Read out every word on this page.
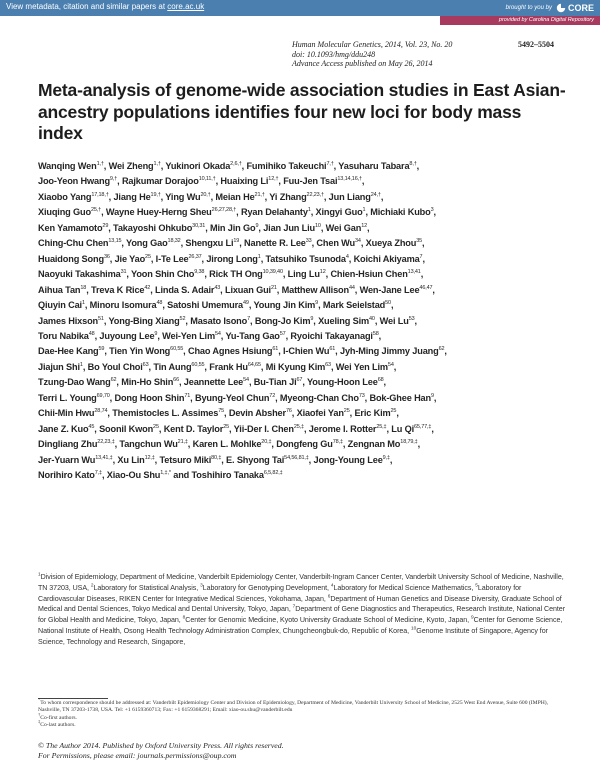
View metadata, citation and similar papers at core.ac.uk	brought to you by CORE
provided by Carolina Digital Repository
Human Molecular Genetics, 2014, Vol. 23, No. 20	5492–5504
doi: 10.1093/hmg/ddu248
Advance Access published on May 26, 2014
Meta-analysis of genome-wide association studies in East Asian-ancestry populations identifies four new loci for body mass index
Wanqing Wen$^{1,\dagger}$, Wei Zheng$^{1,\dagger}$, Yukinori Okada$^{2,6,\dagger}$, Fumihiko Takeuchi$^{7,\dagger}$, Yasuharu Tabara$^{8,\dagger}$,
Joo-Yeon Hwang$^{9,\dagger}$, Rajkumar Dorajoo$^{10,11,\dagger}$, Huaixing $Li^{12,\dagger}$, Fuu-Jen Tsai$^{13,14,16,\dagger}$,
Xiaobo Yang$^{17,18,\dagger}$, Jiang $He^{19,\dagger}$, Ying $Wu^{20,\dagger}$, Meian $He^{21,\dagger}$, Yi Zhang$^{22,23,\dagger}$, Jun Liang$^{24,\dagger}$,
Xiuqing Guo$^{25,\dagger}$, Wayne Huey-Herng Sheu$^{26,27,28,\dagger}$, Ryan Delahanty$^1$, Xingyi Guo$^1$, Michiaki Kubo$^3$,
Ken Yamamoto$^{29}$, Takayoshi Ohkubo$^{30,31}$, Min Jin Go$^9$, Jian Jun Liu$^{10}$, Wei Gan$^{12}$,
Ching-Chu Chen$^{13,15}$, Yong Gao$^{18,32}$, Shengxu Li$^{19}$, Nanette R. Lee$^{33}$, Chen Wu$^{34}$, Xueya Zhou$^{35}$,
Huaidong Song$^{36}$, Jie Yao$^{25}$, I-Te Lee$^{26,37}$, Jirong Long$^1$, Tatsuhiko Tsunoda$^4$, Koichi Akiyama$^7$,
Naoyuki Takashima$^{31}$, Yoon Shin Cho$^{9,38}$, Rick TH Ong$^{10,39,40}$, Ling Lu$^{12}$, Chien-Hsiun Chen$^{13,41}$,
Aihua Tan$^{18}$, Treva K Rice$^{42}$, Linda S. Adair$^{43}$, Lixuan Gui$^{21}$, Matthew Allison$^{44}$, Wen-Jane Lee$^{46,47}$,
Qiuyin Cai$^1$, Minoru Isomura$^{48}$, Satoshi Umemura$^{49}$, Young Jin Kim$^9$, Mark Seielstad$^{50}$,
James Hixson$^{51}$, Yong-Bing Xiang$^{52}$, Masato Isono$^7$, Bong-Jo Kim$^9$, Xueling Sim$^{40}$, Wei Lu$^{53}$,
Toru Nabika$^{48}$, Juyoung Lee$^9$, Wei-Yen Lim$^{54}$, Yu-Tang Gao$^{57}$, Ryoichi Takayanagi$^{58}$,
Dae-Hee Kang$^{59}$, Tien Yin Wong$^{60,55}$, Chao Agnes Hsiung$^{61}$, I-Chien Wu$^{61}$, Jyh-Ming Jimmy Juang$^{62}$,
Jiajun Shi$^1$, Bo Youl Choi$^{63}$, Tin Aung$^{60,55}$, Frank Hu$^{64,65}$, Mi Kyung Kim$^{63}$, Wei Yen Lim$^{54}$,
Tzung-Dao Wang$^{62}$, Min-Ho Shin$^{66}$, Jeannette Lee$^{54}$, Bu-Tian Ji$^{67}$, Young-Hoon Lee$^{68}$,
Terri L. Young$^{69,70}$, Dong Hoon Shin$^{71}$, Byung-Yeol Chun$^{72}$, Myeong-Chan Cho$^{73}$, Bok-Ghee Han$^9$,
Chii-Min Hwu$^{28,74}$, Themistocles L. Assimes$^{75}$, Devin Absher$^{76}$, Xiaofei Yan$^{25}$, Eric Kim$^{25}$,
Jane Z. Kuo$^{45}$, Soonil Kwon$^{25}$, Kent D. Taylor$^{25}$, Yii-Der I. Chen$^{25,\ddagger}$, Jerome I. Rotter$^{25,\ddagger}$, Lu $Qi^{65,77,\ddagger}$,
Dingliang Zhu$^{22,23,\ddagger}$, Tangchun $Wu^{21,\ddagger}$, Karen L. Mohlke$^{20,\ddagger}$, Dongfeng $Gu^{78,\ddagger}$, Zengnan $Mo^{18,79,\ddagger}$,
Jer-Yuarn $Wu^{13,41,\ddagger}$, Xu Lin$^{12,\ddagger}$, Tetsuro Miki$^{80,\ddagger}$, E. Shyong Tai$^{54,56,81,\ddagger}$, Jong-Young Lee$^{9,\ddagger}$,
Norihiro Kato$^{7,\ddagger}$, Xiao-Ou Shu$^{1,\ddagger,*}$ and Toshihiro Tanaka$^{6,5,82,\ddagger}$
$^1$Division of Epidemiology, Department of Medicine, Vanderbilt Epidemiology Center, Vanderbilt-Ingram Cancer Center, Vanderbilt University School of Medicine, Nashville, TN 37203, USA, $^2$Laboratory for Statistical Analysis, $^3$Laboratory for Genotyping Development, $^4$Laboratory for Medical Science Mathematics, $^5$Laboratory for Cardiovascular Diseases, RIKEN Center for Integrative Medical Sciences, Yokohama, Japan, $^6$Department of Human Genetics and Disease Diversity, Graduate School of Medical and Dental Sciences, Tokyo Medical and Dental University, Tokyo, Japan, $^7$Department of Gene Diagnostics and Therapeutics, Research Institute, National Center for Global Health and Medicine, Tokyo, Japan, $^8$Center for Genomic Medicine, Kyoto University Graduate School of Medicine, Kyoto, Japan, $^9$Center for Genome Science, National Institute of Health, Osong Health Technology Administration Complex, Chungcheongbuk-do, Republic of Korea, $^{10}$Genome Institute of Singapore, Agency for Science, Technology and Research, Singapore,
*To whom correspondence should be addressed at: Vanderbilt Epidemiology Center and Division of Epidemiology, Department of Medicine, Vanderbilt University School of Medicine, 2525 West End Avenue, Suite 600 (IMPH), Nashville, TN 37203-1738, USA. Tel: +1 6159360713; Fax: +1 6159368291; Email: xiao-ou.shu@vanderbilt.edu
†Co-first authors.
‡Co-last authors.
© The Author 2014. Published by Oxford University Press. All rights reserved.
For Permissions, please email: journals.permissions@oup.com
